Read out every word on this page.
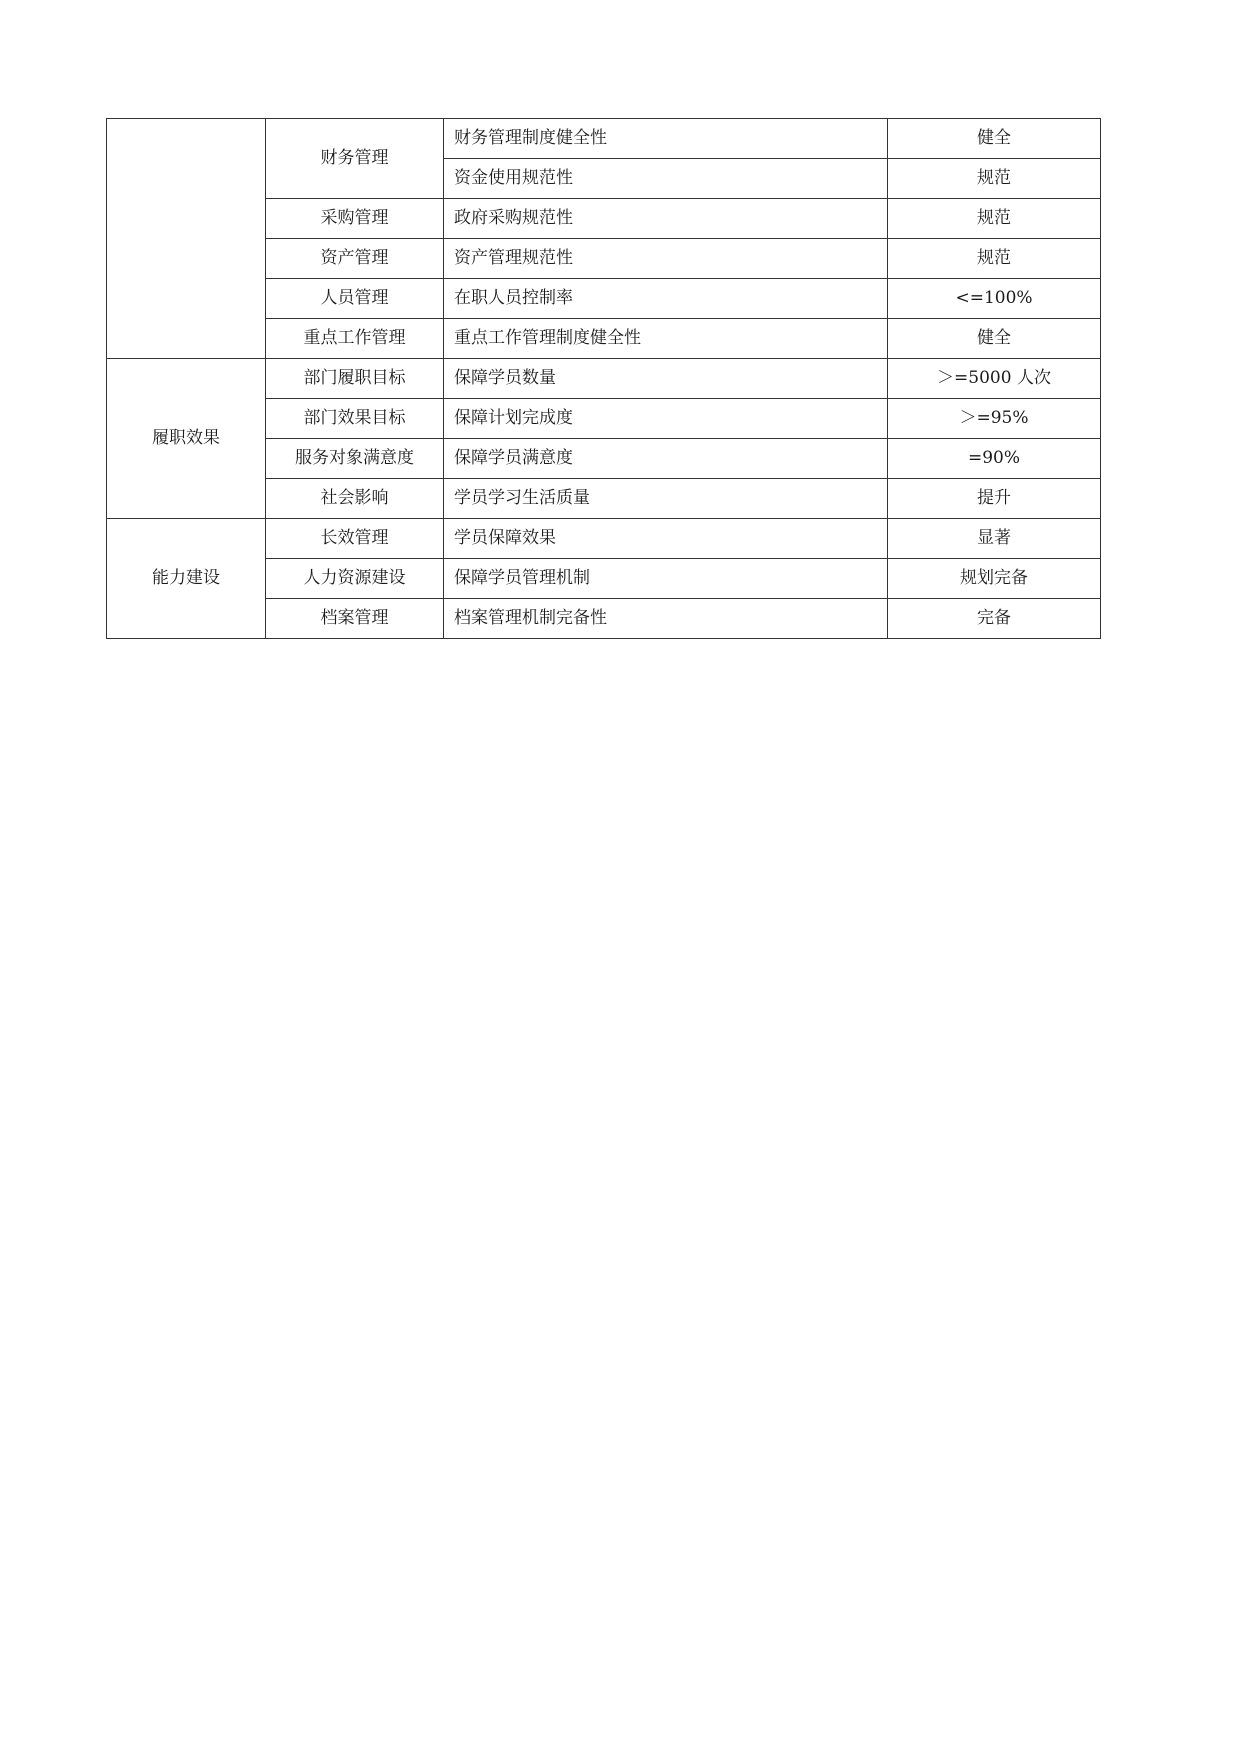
	财务管理	财务管理制度健全性	健全
		资金使用规范性	规范
	采购管理	政府采购规范性	规范
	资产管理	资产管理规范性	规范
	人员管理	在职人员控制率	<=100%
	重点工作管理	重点工作管理制度健全性	健全
履职效果	部门履职目标	保障学员数量	＞=5000 人次
	部门效果目标	保障计划完成度	＞=95%
	服务对象满意度	保障学员满意度	=90%
	社会影响	学员学习生活质量	提升
能力建设	长效管理	学员保障效果	显著
	人力资源建设	保障学员管理机制	规划完备
	档案管理	档案管理机制完备性	完备
